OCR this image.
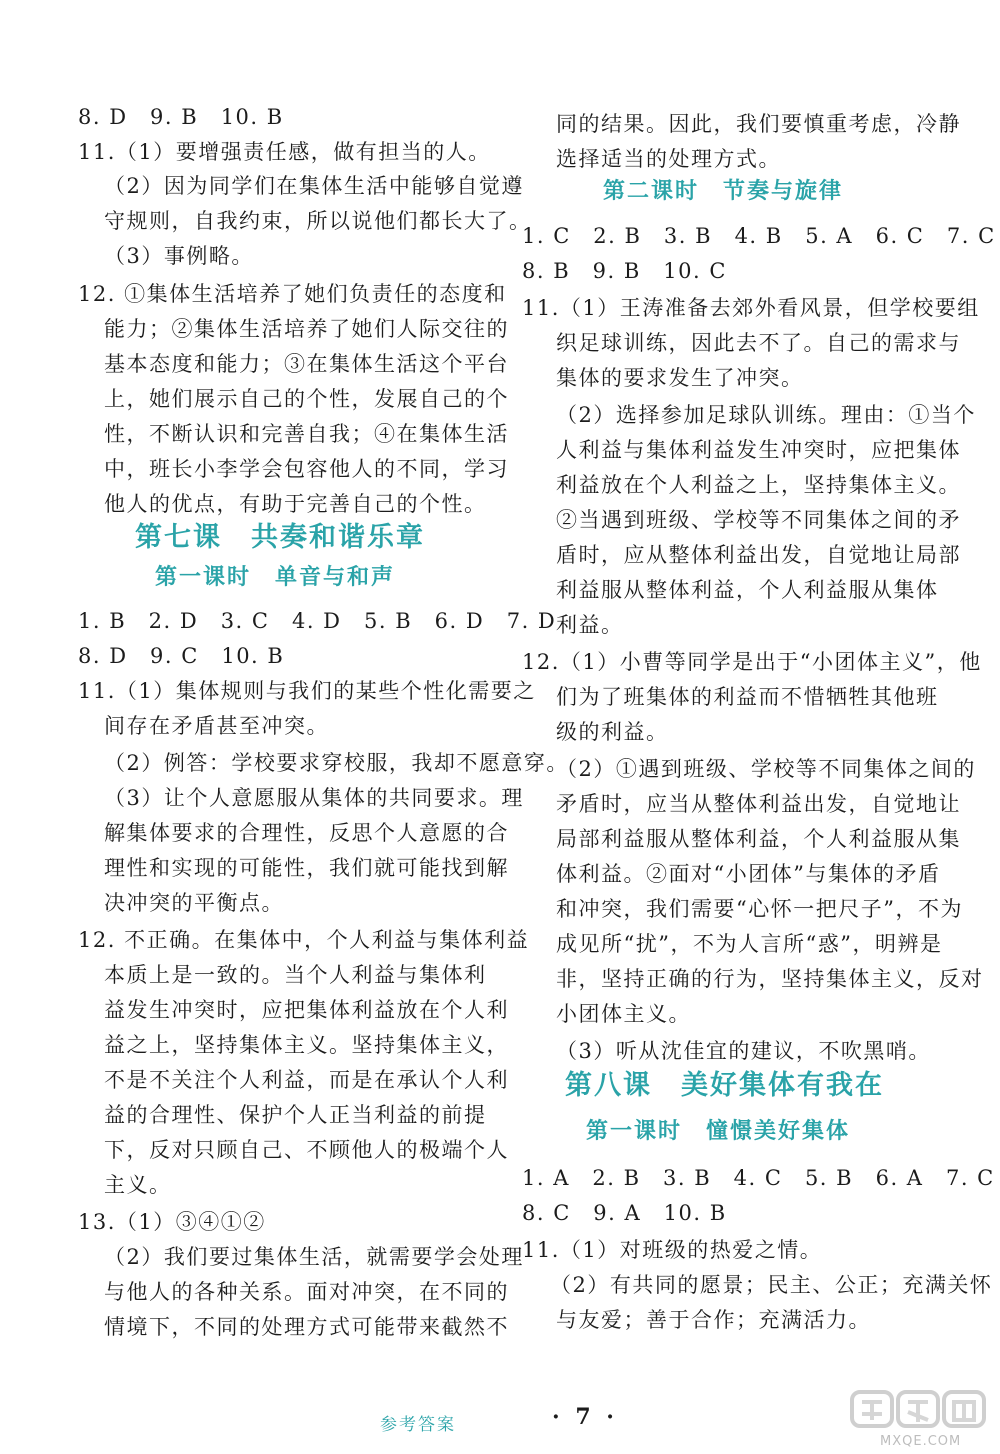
8. D　9. B　10. B
11.（1）要增强责任感，做有担当的人。
（2）因为同学们在集体生活中能够自觉遵
守规则，自我约束，所以说他们都长大了。
（3）事例略。
12. ①集体生活培养了她们负责任的态度和
能力；②集体生活培养了她们人际交往的
基本态度和能力；③在集体生活这个平台
上，她们展示自己的个性，发展自己的个
性，不断认识和完善自我；④在集体生活
中，班长小李学会包容他人的不同，学习
他人的优点，有助于完善自己的个性。
第七课　共奏和谐乐章
第一课时　单音与和声
1. B　2. D　3. C　4. D　5. B　6. D　7. D
8. D　9. C　10. B
11.（1）集体规则与我们的某些个性化需要之
间存在矛盾甚至冲突。
（2）例答：学校要求穿校服，我却不愿意穿。
（3）让个人意愿服从集体的共同要求。理
解集体要求的合理性，反思个人意愿的合
理性和实现的可能性，我们就可能找到解
决冲突的平衡点。
12. 不正确。在集体中，个人利益与集体利益
本质上是一致的。当个人利益与集体利
益发生冲突时，应把集体利益放在个人利
益之上，坚持集体主义。坚持集体主义，
不是不关注个人利益，而是在承认个人利
益的合理性、保护个人正当利益的前提
下，反对只顾自己、不顾他人的极端个人
主义。
13.（1）③④①②
（2）我们要过集体生活，就需要学会处理
与他人的各种关系。面对冲突，在不同的
情境下，不同的处理方式可能带来截然不
同的结果。因此，我们要慎重考虑，冷静
选择适当的处理方式。
第二课时　节奏与旋律
1. C　2. B　3. B　4. B　5. A　6. C　7. C
8. B　9. B　10. C
11.（1）王涛准备去郊外看风景，但学校要组
织足球训练，因此去不了。自己的需求与
集体的要求发生了冲突。
（2）选择参加足球队训练。理由：①当个
人利益与集体利益发生冲突时，应把集体
利益放在个人利益之上，坚持集体主义。
②当遇到班级、学校等不同集体之间的矛
盾时，应从整体利益出发，自觉地让局部
利益服从整体利益，个人利益服从集体
利益。
12.（1）小曹等同学是出于“小团体主义”，他
们为了班集体的利益而不惜牺牲其他班
级的利益。
（2）①遇到班级、学校等不同集体之间的
矛盾时，应当从整体利益出发，自觉地让
局部利益服从整体利益，个人利益服从集
体利益。②面对“小团体”与集体的矛盾
和冲突，我们需要“心怀一把尺子”，不为
成见所“扰”，不为人言所“惑”，明辨是
非，坚持正确的行为，坚持集体主义，反对
小团体主义。
（3）听从沈佳宜的建议，不吹黑哨。
第八课　美好集体有我在
第一课时　憧憬美好集体
1. A　2. B　3. B　4. C　5. B　6. A　7. C
8. C　9. A　10. B
11.（1）对班级的热爱之情。
（2）有共同的愿景；民主、公正；充满关怀
与友爱；善于合作；充满活力。
参考答案	· 7 ·
MXQE.COM
